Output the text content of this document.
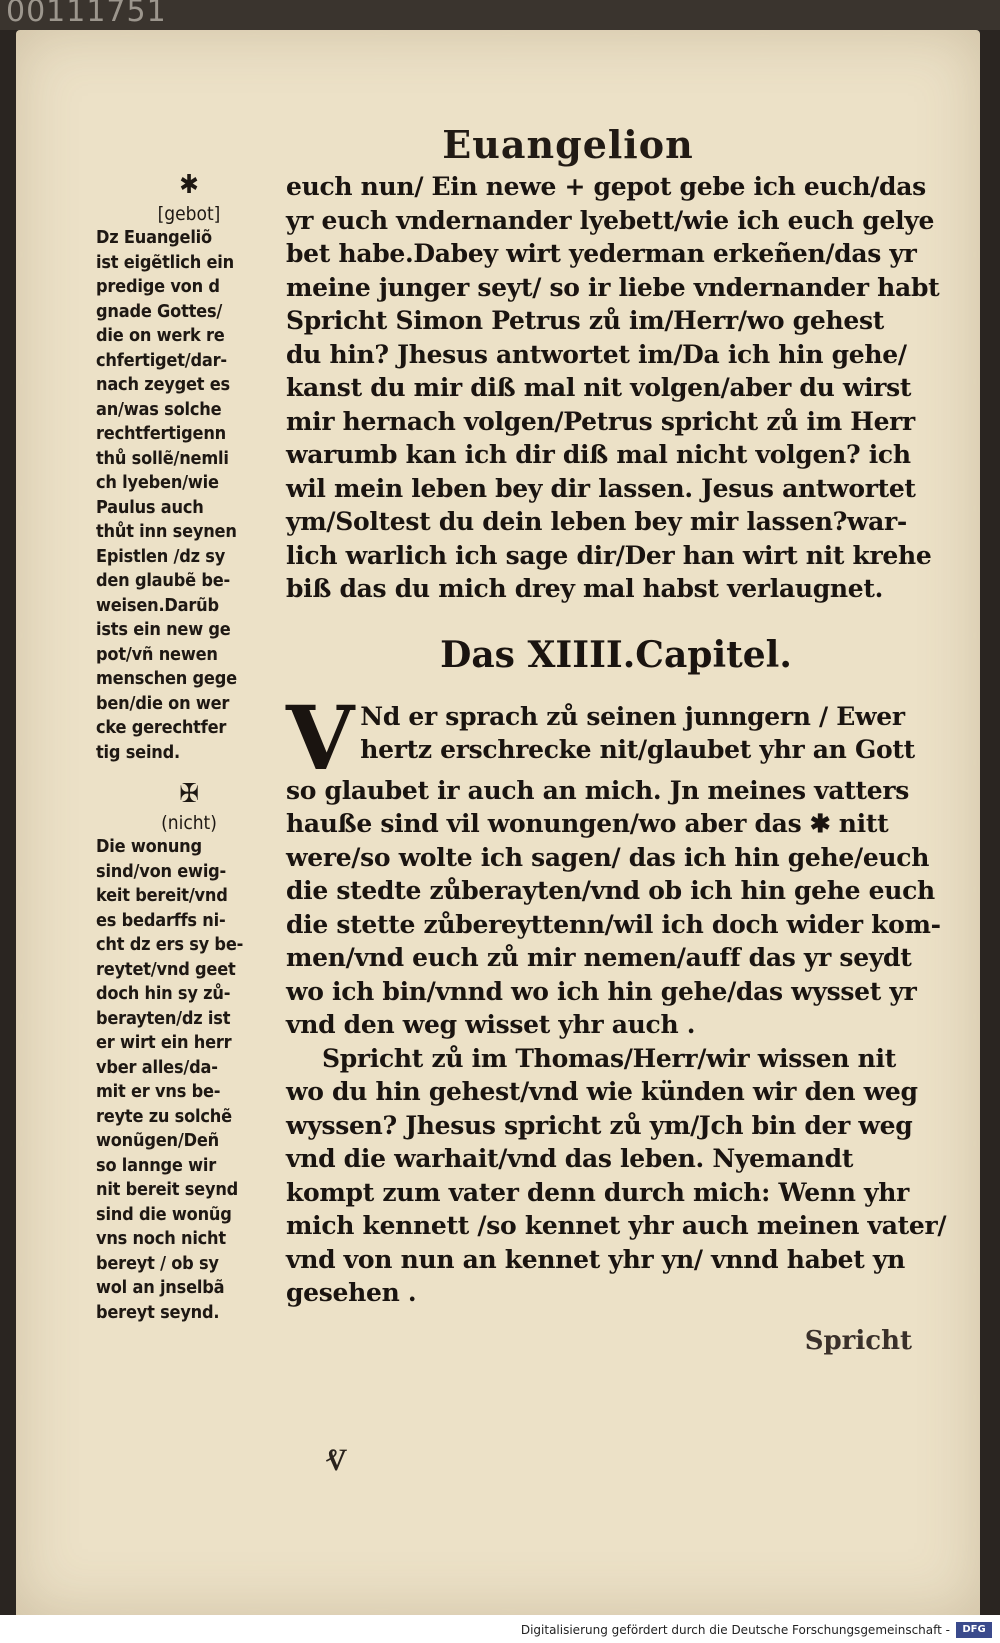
00111751
Euangelion
✱
[gebot]
Dz Euangeliõ
ist eigẽtlich ein
predige von d
gnade Gottes/
die on werk re
chfertiget/dar-
nach zeyget es
an/was solche
rechtfertigenn
thů sollẽ/nemli
ch lyeben/wie
Paulus auch
thůt inn seynen
Epistlen /dz sy
den glaubẽ be-
weisen.Darũb
ists ein new ge
pot/vñ newen
menschen gege
ben/die on wer
cke gerechtfer
tig seind.
✠
(nicht)
Die wonung
sind/von ewig-
keit bereit/vnd
es bedarffs ni-
cht dz ers sy be-
reytet/vnd geet
doch hin sy zů-
berayten/dz ist
er wirt ein herr
vber alles/da-
mit er vns be-
reyte zu solchẽ
wonũgen/Deñ
so lannge wir
nit bereit seynd
sind die wonũg
vns noch nicht
bereyt / ob sy
wol an jnselbã
bereyt seynd.
euch nun/ Ein newe + gepot gebe ich euch/das
yr euch vndernander lyebett/wie ich euch gelye
bet habe.Dabey wirt yederman erkeñen/das yr
meine junger seyt/ so ir liebe vndernander habt
Spricht Simon Petrus zů im/Herr/wo gehest
du hin? Jhesus antwortet im/Da ich hin gehe/
kanst du mir diß mal nit volgen/aber du wirst
mir hernach volgen/Petrus spricht zů im Herr
warumb kan ich dir diß mal nicht volgen? ich
wil mein leben bey dir lassen. Jesus antwortet
ym/Soltest du dein leben bey mir lassen?war-
lich warlich ich sage dir/Der han wirt nit krehe
biß das du mich drey mal habst verlaugnet.
Das XIIII.Capitel.
V Nd er sprach zů seinen junngern / Ewer
hertz erschrecke nit/glaubet yhr an Gott
so glaubet ir auch an mich. Jn meines vatters
hauße sind vil wonungen/wo aber das ✱ nitt
were/so wolte ich sagen/ das ich hin gehe/euch
die stedte zůberayten/vnd ob ich hin gehe euch
die stette zůbereyttenn/wil ich doch wider kom-
men/vnd euch zů mir nemen/auff das yr seydt
wo ich bin/vnnd wo ich hin gehe/das wysset yr
vnd den weg wisset yhr auch .
Spricht zů im Thomas/Herr/wir wissen nit
wo du hin gehest/vnd wie künden wir den weg
wyssen? Jhesus spricht zů ym/Jch bin der weg
vnd die warhait/vnd das leben. Nyemandt
kompt zum vater denn durch mich: Wenn yhr
mich kennett /so kennet yhr auch meinen vater/
vnd von nun an kennet yhr yn/ vnnd habet yn
gesehen .
Spricht
ⱴ
Digitalisierung gefördert durch die Deutsche Forschungsgemeinschaft -	DFG
